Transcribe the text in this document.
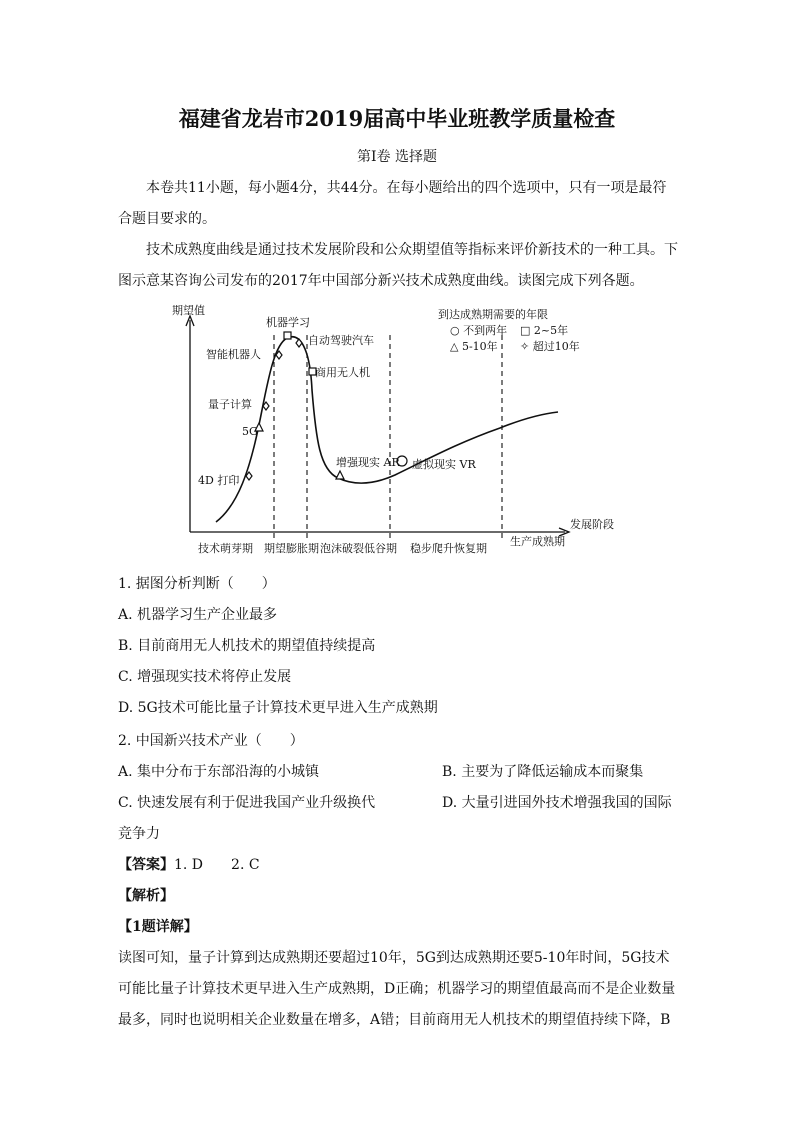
福建省龙岩市2019届高中毕业班教学质量检查
第Ⅰ卷 选择题
本卷共11小题，每小题4分，共44分。在每小题给出的四个选项中，只有一项是最符
合题目要求的。
技术成熟度曲线是通过技术发展阶段和公众期望值等指标来评价新技术的一种工具。下
图示意某咨询公司发布的2017年中国部分新兴技术成熟度曲线。读图完成下列各题。
期望值
发展阶段
4D 打印
5G
量子计算
智能机器人
机器学习
自动驾驶汽车
商用无人机
增强现实 AR 虚拟现实 VR
到达成熟期需要的年限
○ 不到两年 □ 2~5年
△ 5-10年 ✧ 超过10年
技术萌芽期 期望膨胀期 泡沫破裂低谷期 稳步爬升恢复期
生产成熟期
1. 据图分析判断（　　）
A. 机器学习生产企业最多
B. 目前商用无人机技术的期望值持续提高
C. 增强现实技术将停止发展
D. 5G技术可能比量子计算技术更早进入生产成熟期
2. 中国新兴技术产业（　　）
A. 集中分布于东部沿海的小城镇	B. 主要为了降低运输成本而聚集
C. 快速发展有利于促进我国产业升级换代	D. 大量引进国外技术增强我国的国际
竞争力
【答案】1. D　　2. C
【解析】
【1题详解】
读图可知，量子计算到达成熟期还要超过10年，5G到达成熟期还要5-10年时间，5G技术
可能比量子计算技术更早进入生产成熟期，D正确；机器学习的期望值最高而不是企业数量
最多，同时也说明相关企业数量在增多，A错；目前商用无人机技术的期望值持续下降，B
